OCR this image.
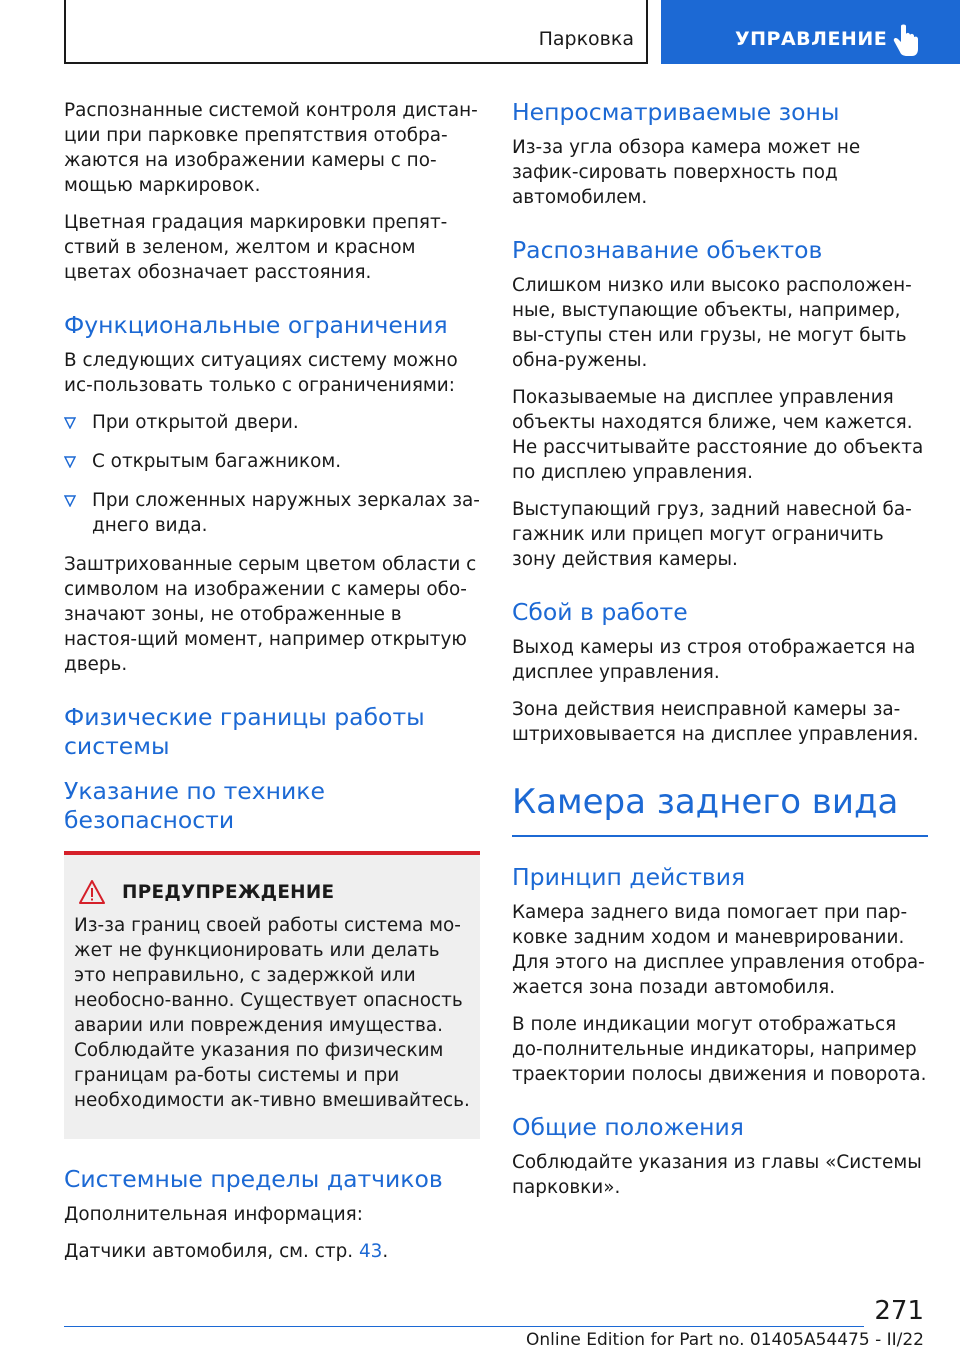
Парковка	УПРАВЛЕНИЕ

Распознанные системой контроля дистан-ции при парковке препятствия отобра-жаются на изображении камеры с по-мощью маркировок.

Цветная градация маркировки препят-ствий в зеленом, желтом и красном цветах обозначает расстояния.

Функциональные ограничения

В следующих ситуациях систему можно ис-пользовать только с ограничениями:

При открытой двери.
С открытым багажником.
При сложенных наружных зеркалах за-днего вида.

Заштрихованные серым цветом области с символом на изображении с камеры обо-значают зоны, не отображенные в настоя-щий момент, например открытую дверь.

Физические границы работы системы
Указание по технике безопасности
ПРЕДУПРЕЖДЕНИЕ

Из-за границ своей работы система мо-жет не функционировать или делать это неправильно, с задержкой или необосно-ванно. Существует опасность аварии или повреждения имущества. Соблюдайте указания по физическим границам ра-боты системы и при необходимости ак-тивно вмешивайтесь.

Системные пределы датчиков

Дополнительная информация:

Датчики автомобиля, см. стр. 43.

Непросматриваемые зоны

Из-за угла обзора камера может не зафик-сировать поверхность под автомобилем.

Распознавание объектов

Слишком низко или высоко расположен-ные, выступающие объекты, например, вы-ступы стен или грузы, не могут быть обна-ружены.

Показываемые на дисплее управления объекты находятся ближе, чем кажется. Не рассчитывайте расстояние до объекта по дисплею управления.

Выступающий груз, задний навесной ба-гажник или прицеп могут ограничить зону действия камеры.

Сбой в работе

Выход камеры из строя отображается на дисплее управления.

Зона действия неисправной камеры за-штриховывается на дисплее управления.

Камера заднего вида
Принцип действия

Камера заднего вида помогает при пар-ковке задним ходом и маневрировании. Для этого на дисплее управления отобра-жается зона позади автомобиля.

В поле индикации могут отображаться до-полнительные индикаторы, например траектории полосы движения и поворота.

Общие положения

Соблюдайте указания из главы «Системы парковки».

271
Online Edition for Part no. 01405A54475 - II/22
